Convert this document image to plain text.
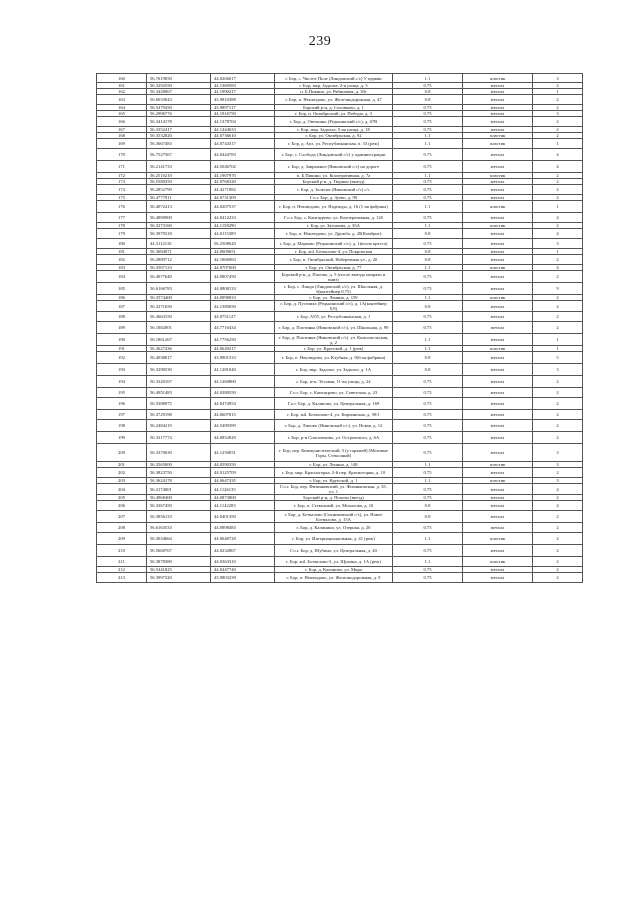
239
160	56.7619050	44.0266017	г. Бор, с. Чистое Поле (Линдовский с/с) У церкви	1.1	пластик	3
161	56.3292550	44.1369583	г. Бор, мкр. Задолье, 2-я улица, д. 3	0.75	металл	2
162	56.3428067	44.1990217	п. Б.Пикино, ул. Рябиновая, д. 30г	0.8	металл	1
163	56.6033043	43.9810388	г. Бор, п. Неклюдово, ул. Железнодорожная, д. 47	0.8	металл	2
164	56.5479450	43.9897117	Борский р-н, д. Соловково, д. 1	0.75	металл	2
165	56.2996776	44.1916750	г. Бор, п. Октябрьский, ул. Победы, д. 3	0.75	металл	3
166	56.3414178	44.1378704	г. Бор, д. Овечкино (Редькинский с/с), д. 67В	0.75	металл	2
167	56.3352417	44.1444633	г. Бор, мкр. Задолье, 5-ая улица, д. 18	0.75	металл	2
168	56.3532820	44.0736610	г. Бор, ул. Октябрьская, д. 92	1.1	пластик	2
169	56.3667483	44.0744317	г. Бор, д. Аул, ул. Республиканская, п. 33 (реж)	1.1	пластик	1
170	56.7527567	44.0444783	г. Бор, с. Слобода (Линдовский с/с) у администрации	0.75	металл	4
171	56.2141733	44.5046702	г. Бор, д. Завражное (Ямновский с/с) на дороге	0.75	металл	4
172	56.2510210	44.1907970	п. Б.Пикино, ул. Кооперативная, д. 7а	1.1	пластик	2
173	56.5580350	44.0768320	Борский р-н, д. Тюрино (выезд)	0.75	металл	2
174	56.2852799	44.4271082	г. Бор, д. Залесна (Ямновский с/с) с/с	0.75	металл	2
175	56.4777911	44.0731309	Г.о.г. Бор, д. Зуево, д. 99	0.75	металл	2
176	56.4072413	44.0207537	г. Бор, п. Неклюдово, ул. Надежды, д. 16 (1-ая фабрика)	1.1	пластик	1
177	56.4890900	44.0412233	Г.о.г. Бор, с. Кантаурово, ул. Кооперативная, д. 12б	0.75	металл	4
178	56.3273160	44.1158290	г. Бор, ул. Заломова, д. 36А	1.1	пластик	2
179	56.3979318	44.0115309	г. Бор, п. Неклюдово, ул. Дружба, д. 28(Комбрит)	0.8	металл	4
180	44.3112110	56.2508620	г. Бор, д. Марковo (Редькинский с/с), д. 1(возле креста)	0.75	металл	3
181	56.3684071	44.0009651	г. Бор, жil. Ботвалово-4, ул. Покровская	0.8	металл	1
182	56.2889712	44.1866963	г. Бор, п. Октябрьский, Набережная ул., д. 20	0.8	металл	2
183	56.3567133	44.0707600	г. Бор, ул. Октябрьская, д. 77	1.1	пластик	4
184	56.4977640	44.0807450	Борский р-н, д. Попово, д. 5 (после выезда направо и вниз)	0.75	металл	2
185	56.6166783	44.0808133	г. Бор, с. Линда (Линдовский с/с), ул. Школьная, д. 6(контейнер 0,75)	0.75	металл	9
186	56.3574400	44.0998033	г. Бор, ул. Ленина, д. 159	1.1	пластик	2
187	56.3271650	44.1380050	г. Бор, д. Пугачиха (Редькинский с/с), д. 1А(контейнер 0,8)	0.8	металл	2
188	56.3663150	44.0751127	г. Бор, АУЛ, ул. Республиканская, д. 1	0.75	металл	2
189	56.1882001	44.7716434	г. Бор, д. Плотинка (Ямновский с/с), ул. Школьная, д. 99	0.75	металл	2
190	56.1861267	44.7756250	г. Бор, д. Плотинка (Ямновский с/с), ул. Комсомольская, д. 2	1.1	металл	1
191	56.3627436	44.0649217	г. Бор, ул. Крупской, д. 1 (реж)	1.1	пластик	1
192	56.4038017	43.9901533	г. Бор, п. Неклюдово, ул. Клубная, д. 9(6-ая фабрика)	0.8	металл	5
193	56.3290530	44.1281040	г. Бор, мкр. Задолье, ул. Задолье, д. 1А	0.8	металл	3
194	56.3320167	44.1260800	г. Бор, м-н. Тесовая, 11-ая улица, д. 24	0.75	металл	2
195	56.4951483	44.0380550	Г.о.г. Бор, с. Кантаурово, ул. Советская, д. 23	0.75	металл	2
196	56.5388975	44.0474954	Г.о.г. Бор, д. Калиново, ул. Центральная, д. 169	0.75	металл	2
197	56.3729198	44.0607815	г. Бор, жil. Ботвалово-4, ул. Кирчинская, д. 39/1	0.75	металл	2
198	56.2484219	44.5499399	г. Бор, д. Липово (Ямновский с/с), ул. Новая, д. 12	0.75	металл	2
199	56.3317774	44.0852829	г. Бор, р-н Спасоевково, ул. Островского, д. 6А	0.75	металл	2
200	56.3370630	44.1250831	г. Бор, пер. Коммунистический, 5 (у гаражей) (Моховые Горы, Стеколный)	0.75	металл	3
201	56.3565000	44.0590350	г. Бор, ул. Ленина, д. 148	1.1	пластик	3
202	56.3823750	44.0125709	г. Бор, мкр. Красногорка, 2-й пер. Красногорки, д. 10	0.75	металл	2
203	56.3624178	44.0647335	г. Бор, ул. Крупской, д. 1	1.1	пластик	3
204	56.3174001	44.1126135	Г.о.г. Бор, пер. Физинковский, ул. Физинковская, д. 35, уч. 1	0.75	металл	4
205	56.4968400	44.0873800	Борский р-н, д. Попово (въезд)	0.75	металл	2
206	56.3367450	44.1142283	г. Бор, п. Стеколный, ул. Михалова, д. 10	0.8	металл	4
207	56.3856133	44.0401350	г. Бор, д. Ботвалово (Ситниковский с/с), ул. Новое Ботвалово, д. 15А	0.8	металл	2
208	56.6163533	44.0898483	г. Бор, д. Калинино, ул. Озерная, д. 20	0.75	металл	2
209	56.3034664	44.0640728	г. Бор, ул. Интернациональная, д. 41 (реж)	1.1	пластик	2
210	56.5660767	44.0232867	Г.о.г. Бор, д. Шубино, ул. Центральная, д. 40	0.75	металл	2
211	56.3878380	44.0363310	г. Бор, жil. Ботвалово-3, ул. Щукина, д. 1А (реж)	1.1	пластик	2
212	56.5441825	44.0447740	г. Бор, д. Калиново, ул. Мира	0.75	металл	2
213	56.3997320	43.9803239	г. Бор, п. Неклюдово, ул. Железнодорожная, д. 9	0.75	металл	2
